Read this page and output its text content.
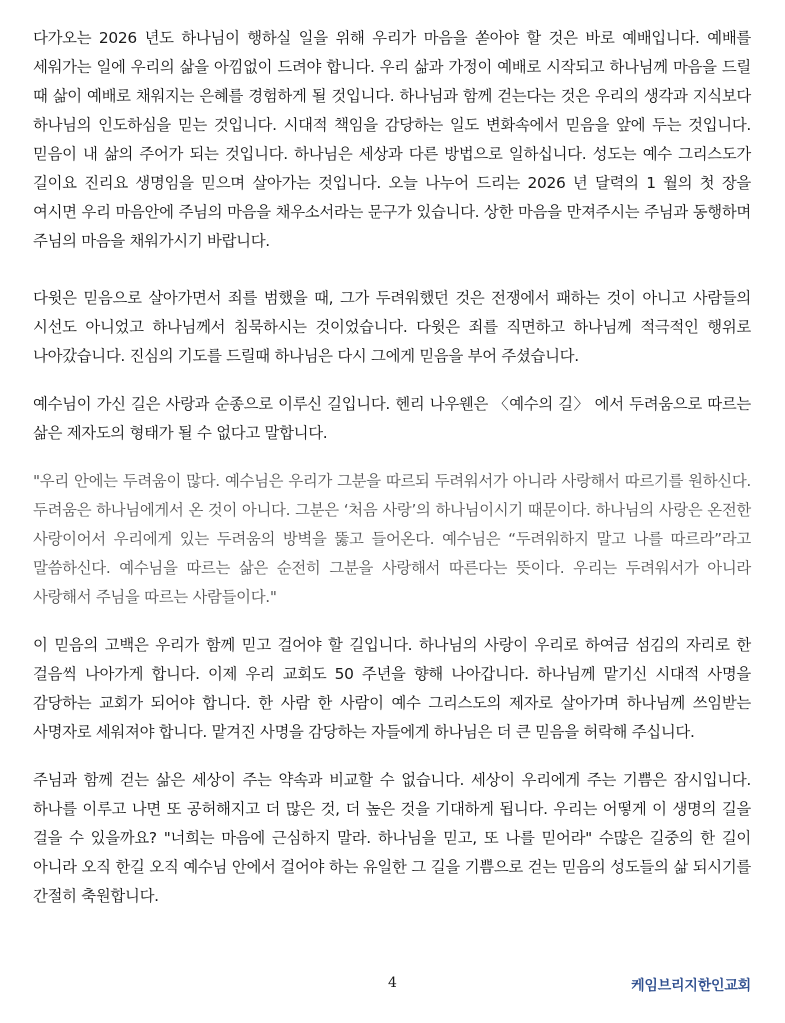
다가오는 2026 년도 하나님이 행하실 일을 위해 우리가 마음을 쏟아야 할 것은 바로 예배입니다. 예배를 세워가는 일에 우리의 삶을 아낌없이 드려야 합니다. 우리 삶과 가정이 예배로 시작되고 하나님께 마음을 드릴 때 삶이 예배로 채워지는 은혜를 경험하게 될 것입니다. 하나님과 함께 걷는다는 것은 우리의 생각과 지식보다 하나님의 인도하심을 믿는 것입니다. 시대적 책임을 감당하는 일도 변화속에서 믿음을 앞에 두는 것입니다. 믿음이 내 삶의 주어가 되는 것입니다. 하나님은 세상과 다른 방법으로 일하십니다. 성도는 예수 그리스도가 길이요 진리요 생명임을 믿으며 살아가는 것입니다. 오늘 나누어 드리는 2026 년 달력의 1 월의 첫 장을 여시면 우리 마음안에 주님의 마음을 채우소서라는 문구가 있습니다. 상한 마음을 만져주시는 주님과 동행하며 주님의 마음을 채워가시기 바랍니다.

다윗은 믿음으로 살아가면서 죄를 범했을 때, 그가 두려워했던 것은 전쟁에서 패하는 것이 아니고 사람들의 시선도 아니었고 하나님께서 침묵하시는 것이었습니다. 다윗은 죄를 직면하고 하나님께 적극적인 행위로 나아갔습니다. 진심의 기도를 드릴때 하나님은 다시 그에게 믿음을 부어 주셨습니다.

예수님이 가신 길은 사랑과 순종으로 이루신 길입니다. 헨리 나우웬은 〈예수의 길〉 에서 두려움으로 따르는 삶은 제자도의 형태가 될 수 없다고 말합니다.

"우리 안에는 두려움이 많다. 예수님은 우리가 그분을 따르되 두려워서가 아니라 사랑해서 따르기를 원하신다. 두려움은 하나님에게서 온 것이 아니다. 그분은 ‘처음 사랑’의 하나님이시기 때문이다. 하나님의 사랑은 온전한 사랑이어서 우리에게 있는 두려움의 방벽을 뚫고 들어온다. 예수님은 “두려워하지 말고 나를 따르라”라고 말씀하신다. 예수님을 따르는 삶은 순전히 그분을 사랑해서 따른다는 뜻이다. 우리는 두려워서가 아니라 사랑해서 주님을 따르는 사람들이다."

이 믿음의 고백은 우리가 함께 믿고 걸어야 할 길입니다. 하나님의 사랑이 우리로 하여금 섬김의 자리로 한 걸음씩 나아가게 합니다. 이제 우리 교회도 50 주년을 향해 나아갑니다. 하나님께 맡기신 시대적 사명을 감당하는 교회가 되어야 합니다. 한 사람 한 사람이 예수 그리스도의 제자로 살아가며 하나님께 쓰임받는 사명자로 세워져야 합니다. 맡겨진 사명을 감당하는 자들에게 하나님은 더 큰 믿음을 허락해 주십니다.

주님과 함께 걷는 삶은 세상이 주는 약속과 비교할 수 없습니다. 세상이 우리에게 주는 기쁨은 잠시입니다. 하나를 이루고 나면 또 공허해지고 더 많은 것, 더 높은 것을 기대하게 됩니다. 우리는 어떻게 이 생명의 길을 걸을 수 있을까요? "너희는 마음에 근심하지 말라. 하나님을 믿고, 또 나를 믿어라" 수많은 길중의 한 길이 아니라 오직 한길 오직 예수님 안에서 걸어야 하는 유일한 그 길을 기쁨으로 걷는 믿음의 성도들의 삶 되시기를 간절히 축원합니다.

4	케임브리지한인교회
